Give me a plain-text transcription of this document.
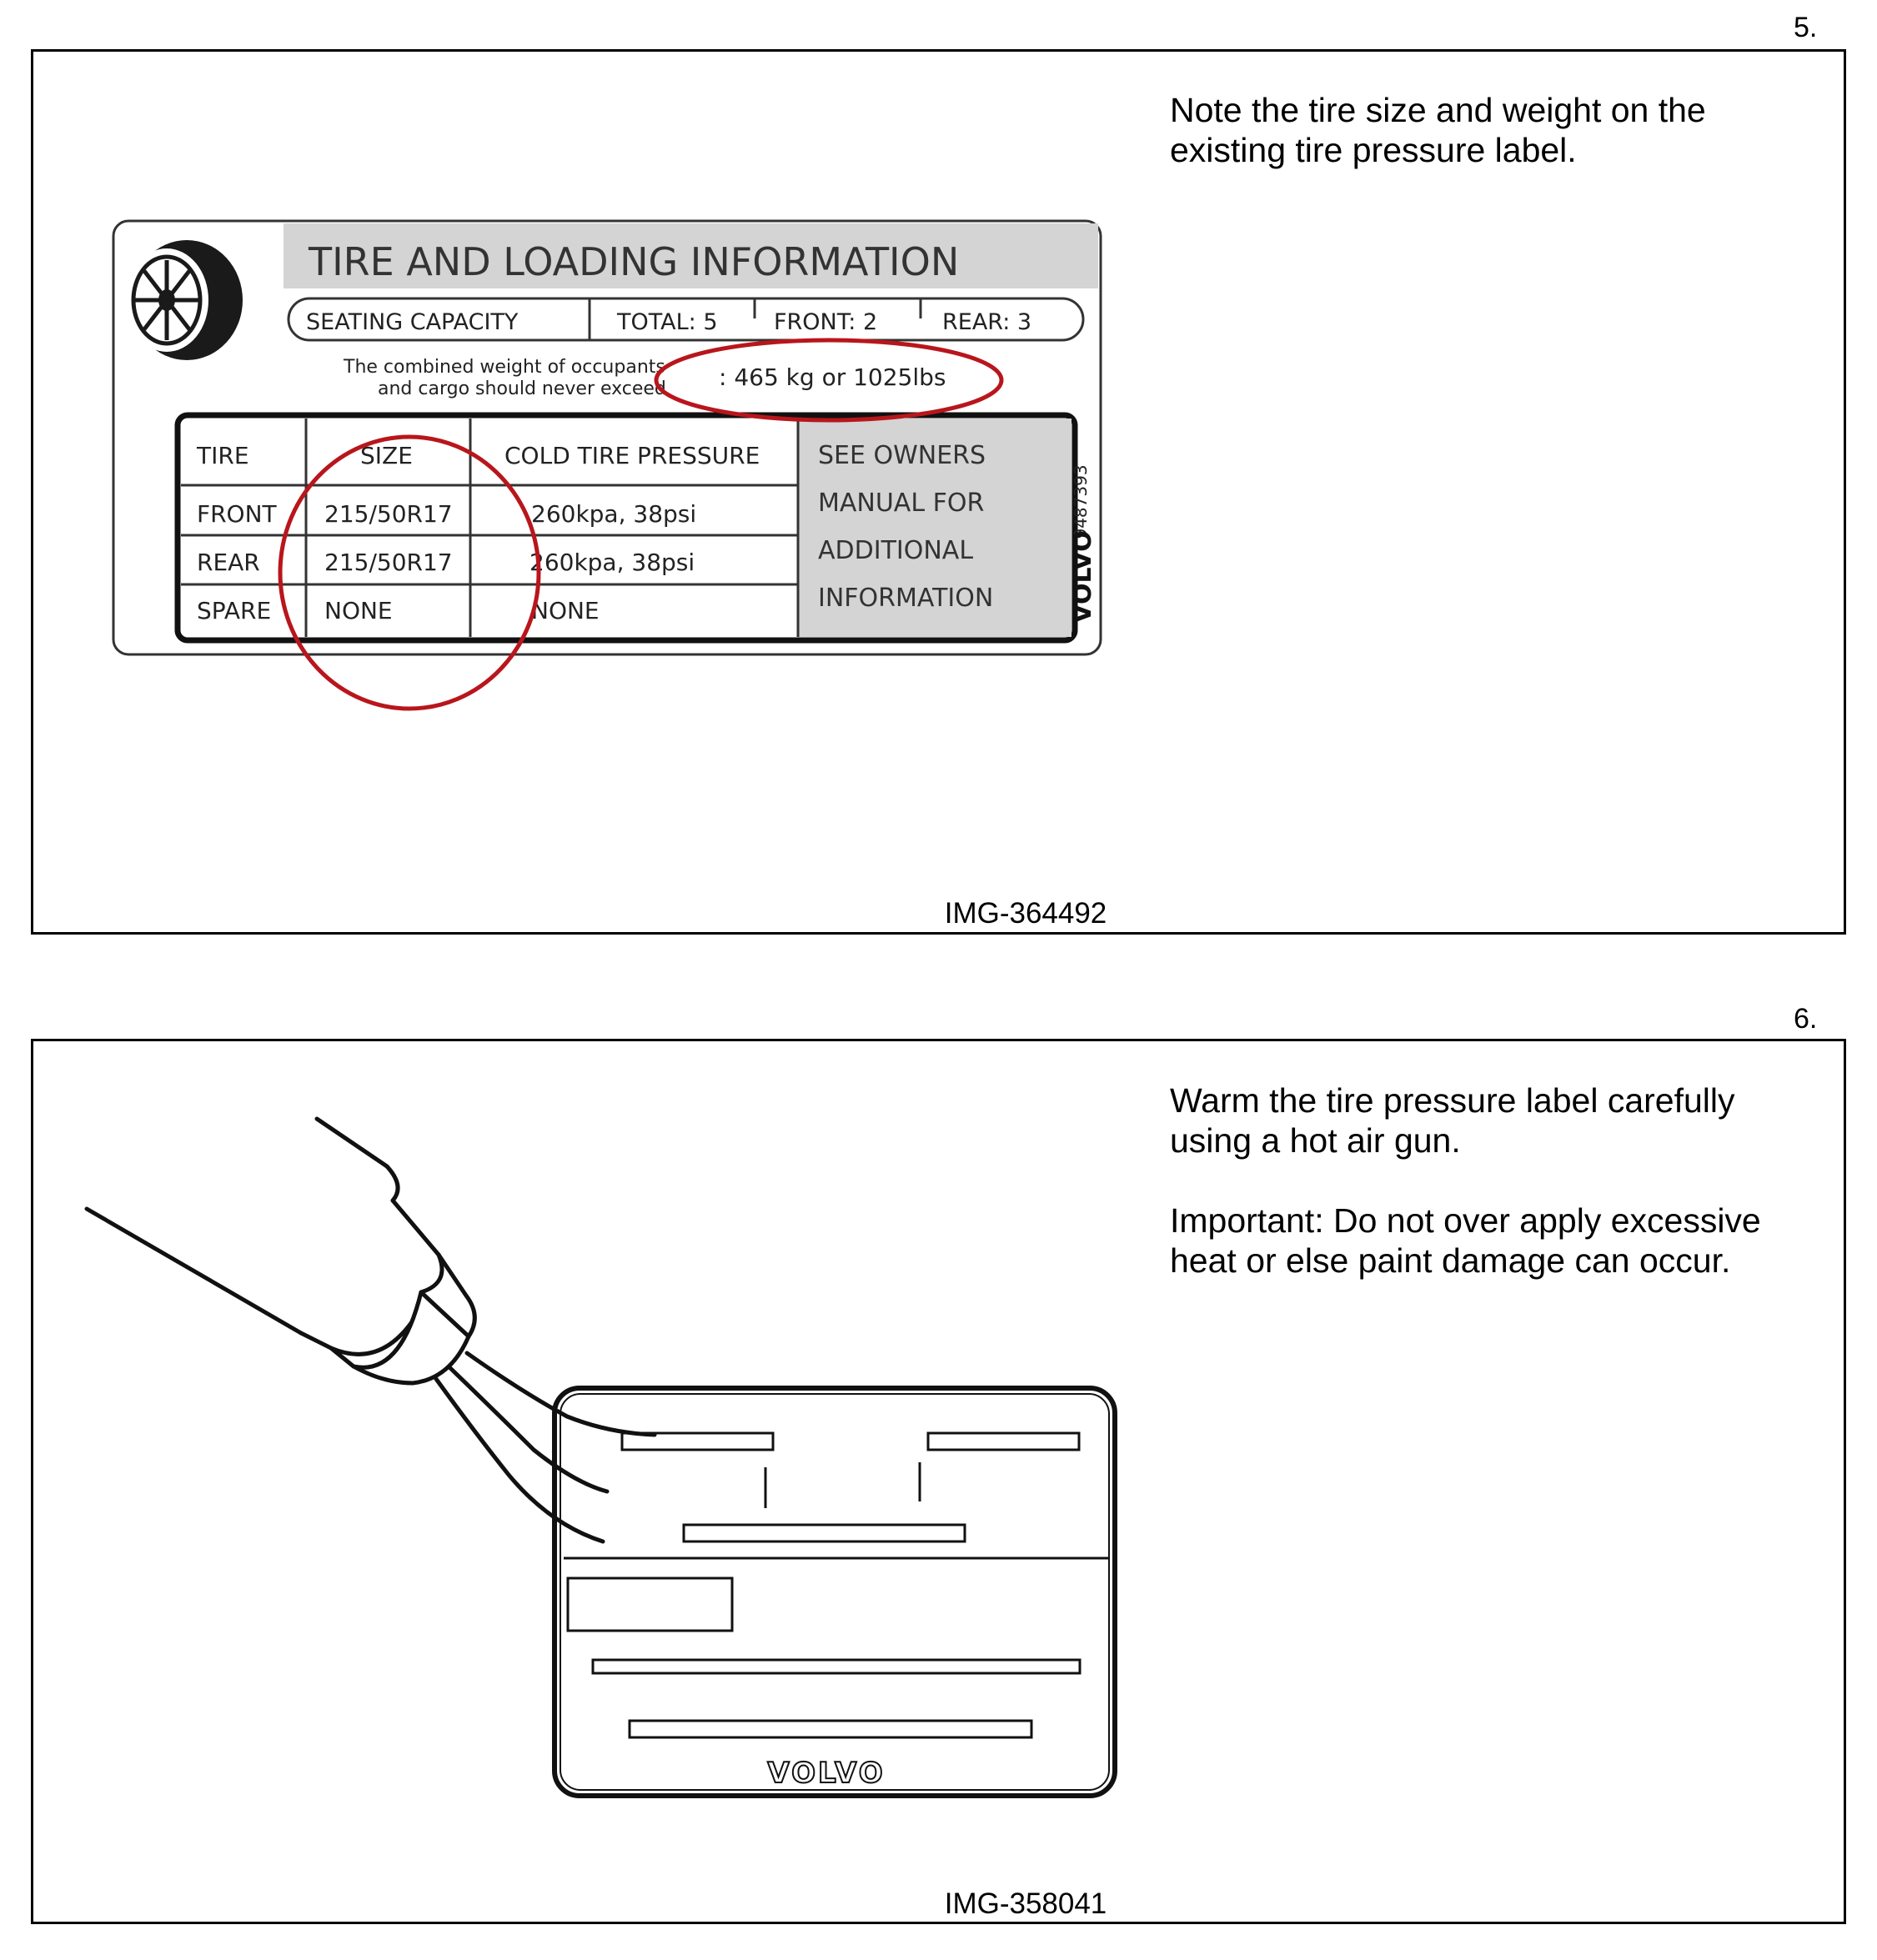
5.
TIRE AND LOADING INFORMATION
SEATING CAPACITY	TOTAL: 5 FRONT: 2	REAR: 3
The combined weight of occupants
and cargo should never exceed : 465 kg or 1025lbs
TIRE	SIZE	COLD TIRE PRESSURE
FRONT 215/50R17	260kpa, 38psi
REAR	215/50R17	260kpa, 38psi
SPARE NONE	NONE
SEE OWNERS
MANUAL FOR
ADDITIONAL
INFORMATION
9487393
VOLVO

Note the tire size and weight on the existing tire pressure label.

IMG-364492
6.
VOLVO

Warm the tire pressure label carefully using a hot air gun.

Important: Do not over apply excessive heat or else paint damage can occur.

IMG-358041
